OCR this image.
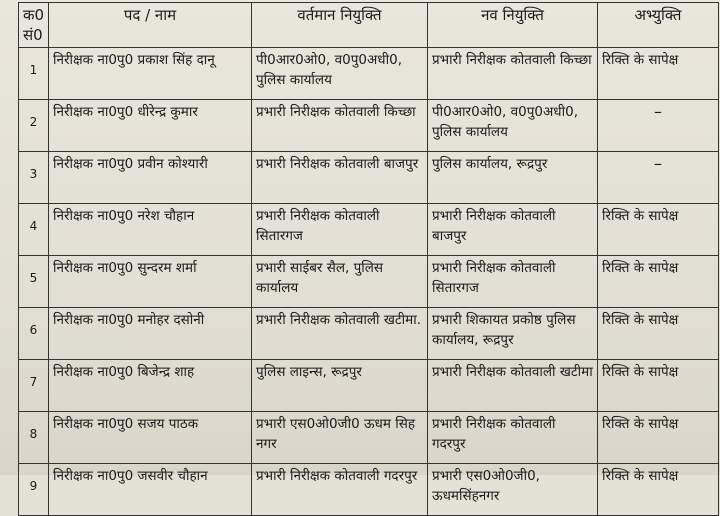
क0
सं0	पद / नाम	वर्तमान नियुक्ति	नव नियुक्ति	अभ्युक्ति
1	निरीक्षक ना0पु0 प्रकाश सिंह दानू	पी0आर0ओ0, व0पु0अधी0, पुलिस कार्यालय	प्रभारी निरीक्षक कोतवाली किच्छा	रिक्ति के सापेक्ष
2	निरीक्षक ना0पु0 धीरेन्द्र कुमार	प्रभारी निरीक्षक कोतवाली किच्छा	पी0आर0ओ0, व0पु0अधी0, पुलिस कार्यालय	–

3	निरीक्षक ना0पु0 प्रवीन कोश्यारी	प्रभारी निरीक्षक कोतवाली बाजपुर	पुलिस कार्यालय, रूद्रपुर	–

4	निरीक्षक ना0पु0 नरेश चौहान	प्रभारी निरीक्षक कोतवाली सितारगज	प्रभारी निरीक्षक कोतवाली बाजपुर	रिक्ति के सापेक्ष
5	निरीक्षक ना0पु0 सुन्दरम शर्मा	प्रभारी साईबर सैल, पुलिस कार्यालय	प्रभारी निरीक्षक कोतवाली सितारगज	रिक्ति के सापेक्ष
6	निरीक्षक ना0पु0 मनोहर दसोनी	प्रभारी निरीक्षक कोतवाली खटीमा.	प्रभारी शिकायत प्रकोष्ठ पुलिस कार्यालय, रूद्रपुर	रिक्ति के सापेक्ष
7	निरीक्षक ना0पु0 बिजेन्द्र शाह	पुलिस लाइन्स, रूद्रपुर	प्रभारी निरीक्षक कोतवाली खटीमा	रिक्ति के सापेक्ष
8	निरीक्षक ना0पु0 सजय पाठक	प्रभारी एस0ओ0जी0 ऊधम सिह नगर	प्रभारी निरीक्षक कोतवाली गदरपुर	रिक्ति के सापेक्ष
9	निरीक्षक ना0पु0 जसवीर चौहान	प्रभारी निरीक्षक कोतवाली गदरपुर	प्रभारी एस0ओ0जी0, ऊधमसिंहनगर	रिक्ति के सापेक्ष
